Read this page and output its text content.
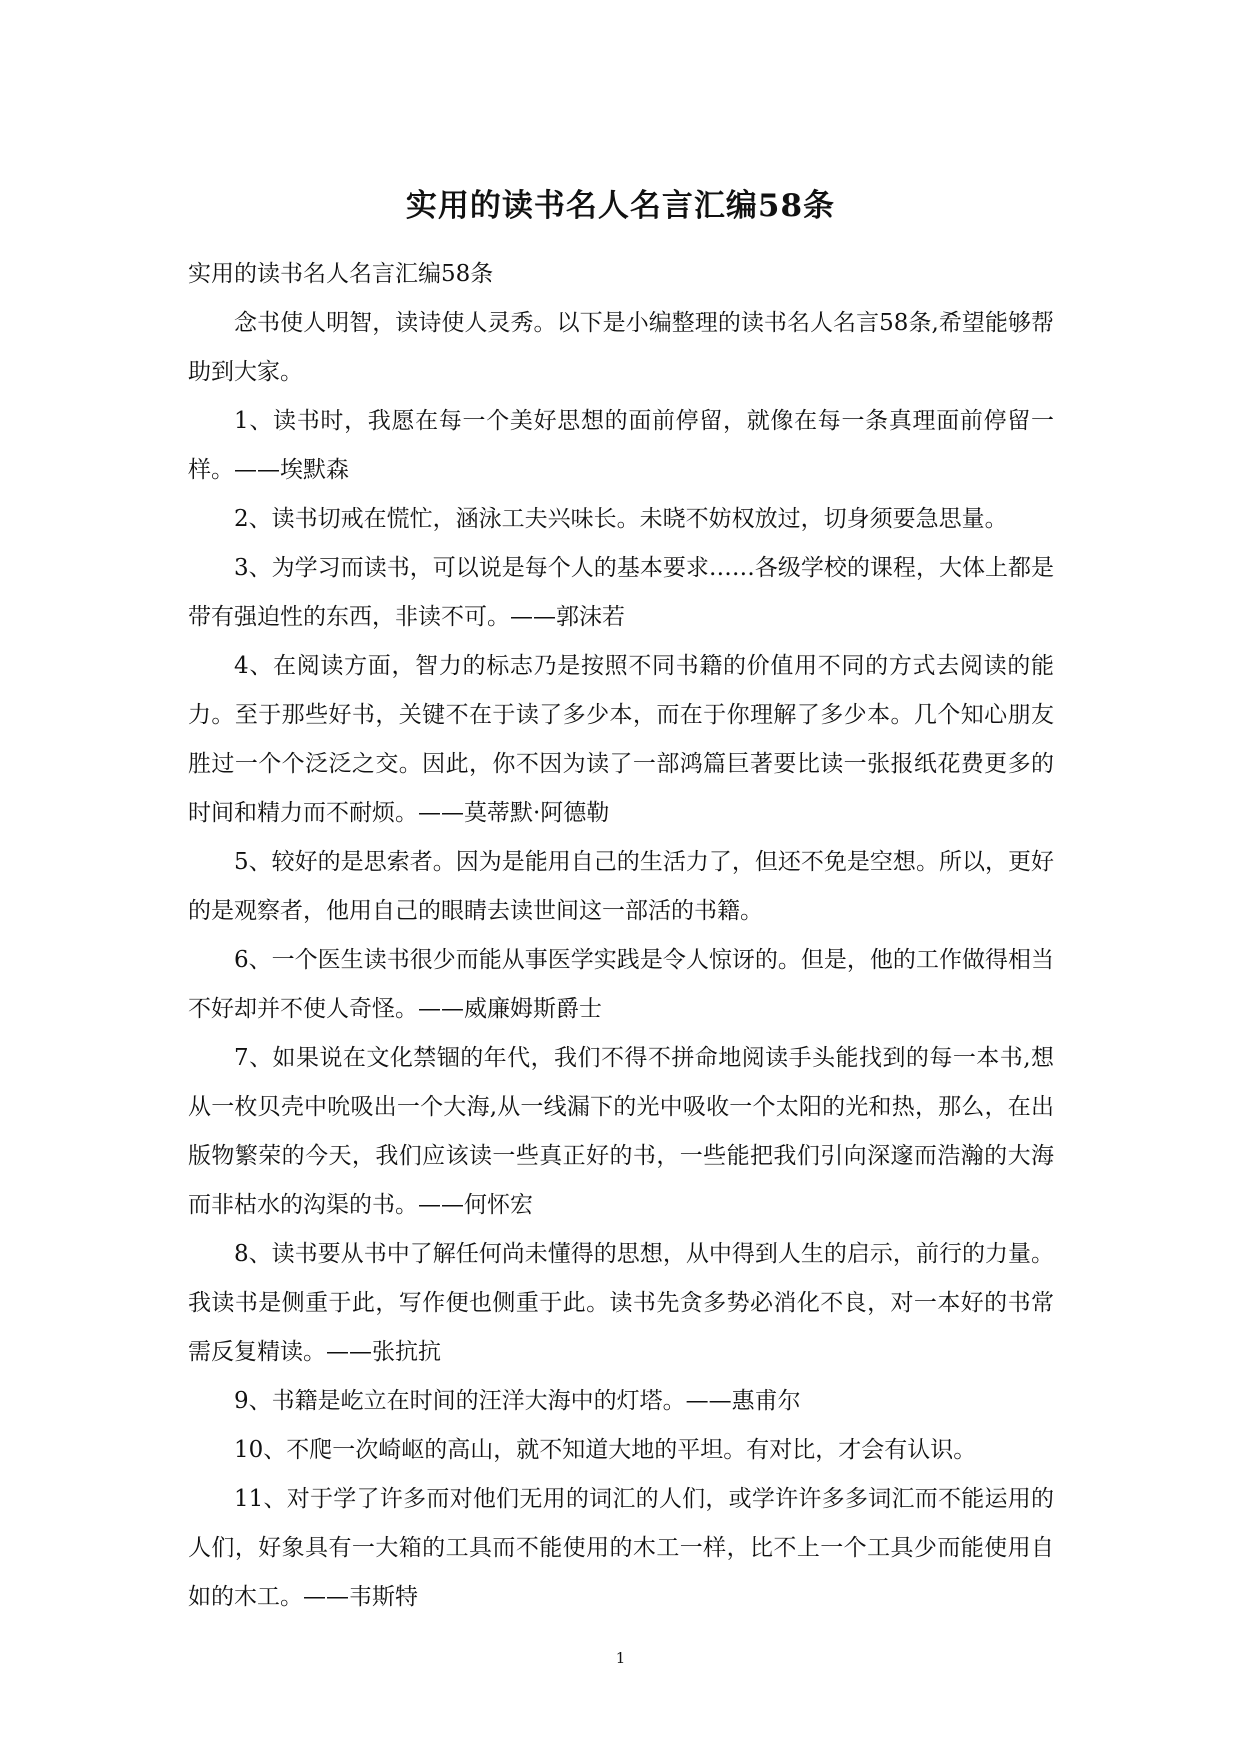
实用的读书名人名言汇编58条

实用的读书名人名言汇编58条

念书使人明智，读诗使人灵秀。以下是小编整理的读书名人名言58条,希望能够帮助到大家。

1、读书时，我愿在每一个美好思想的面前停留，就像在每一条真理面前停留一样。——埃默森

2、读书切戒在慌忙，涵泳工夫兴味长。未晓不妨权放过，切身须要急思量。

3、为学习而读书，可以说是每个人的基本要求……各级学校的课程，大体上都是带有强迫性的东西，非读不可。——郭沫若

4、在阅读方面，智力的标志乃是按照不同书籍的价值用不同的方式去阅读的能力。至于那些好书，关键不在于读了多少本，而在于你理解了多少本。几个知心朋友胜过一个个泛泛之交。因此，你不因为读了一部鸿篇巨著要比读一张报纸花费更多的时间和精力而不耐烦。——莫蒂默·阿德勒

5、较好的是思索者。因为是能用自己的生活力了，但还不免是空想。所以，更好的是观察者，他用自己的眼睛去读世间这一部活的书籍。

6、一个医生读书很少而能从事医学实践是令人惊讶的。但是，他的工作做得相当不好却并不使人奇怪。——威廉姆斯爵士

7、如果说在文化禁锢的年代，我们不得不拼命地阅读手头能找到的每一本书,想从一枚贝壳中吮吸出一个大海,从一线漏下的光中吸收一个太阳的光和热，那么，在出版物繁荣的今天，我们应该读一些真正好的书，一些能把我们引向深邃而浩瀚的大海而非枯水的沟渠的书。——何怀宏

8、读书要从书中了解任何尚未懂得的思想，从中得到人生的启示，前行的力量。我读书是侧重于此，写作便也侧重于此。读书先贪多势必消化不良，对一本好的书常需反复精读。——张抗抗

9、书籍是屹立在时间的汪洋大海中的灯塔。——惠甫尔

10、不爬一次崎岖的高山，就不知道大地的平坦。有对比，才会有认识。

11、对于学了许多而对他们无用的词汇的人们，或学许许多多词汇而不能运用的人们，好象具有一大箱的工具而不能使用的木工一样，比不上一个工具少而能使用自如的木工。——韦斯特

1
